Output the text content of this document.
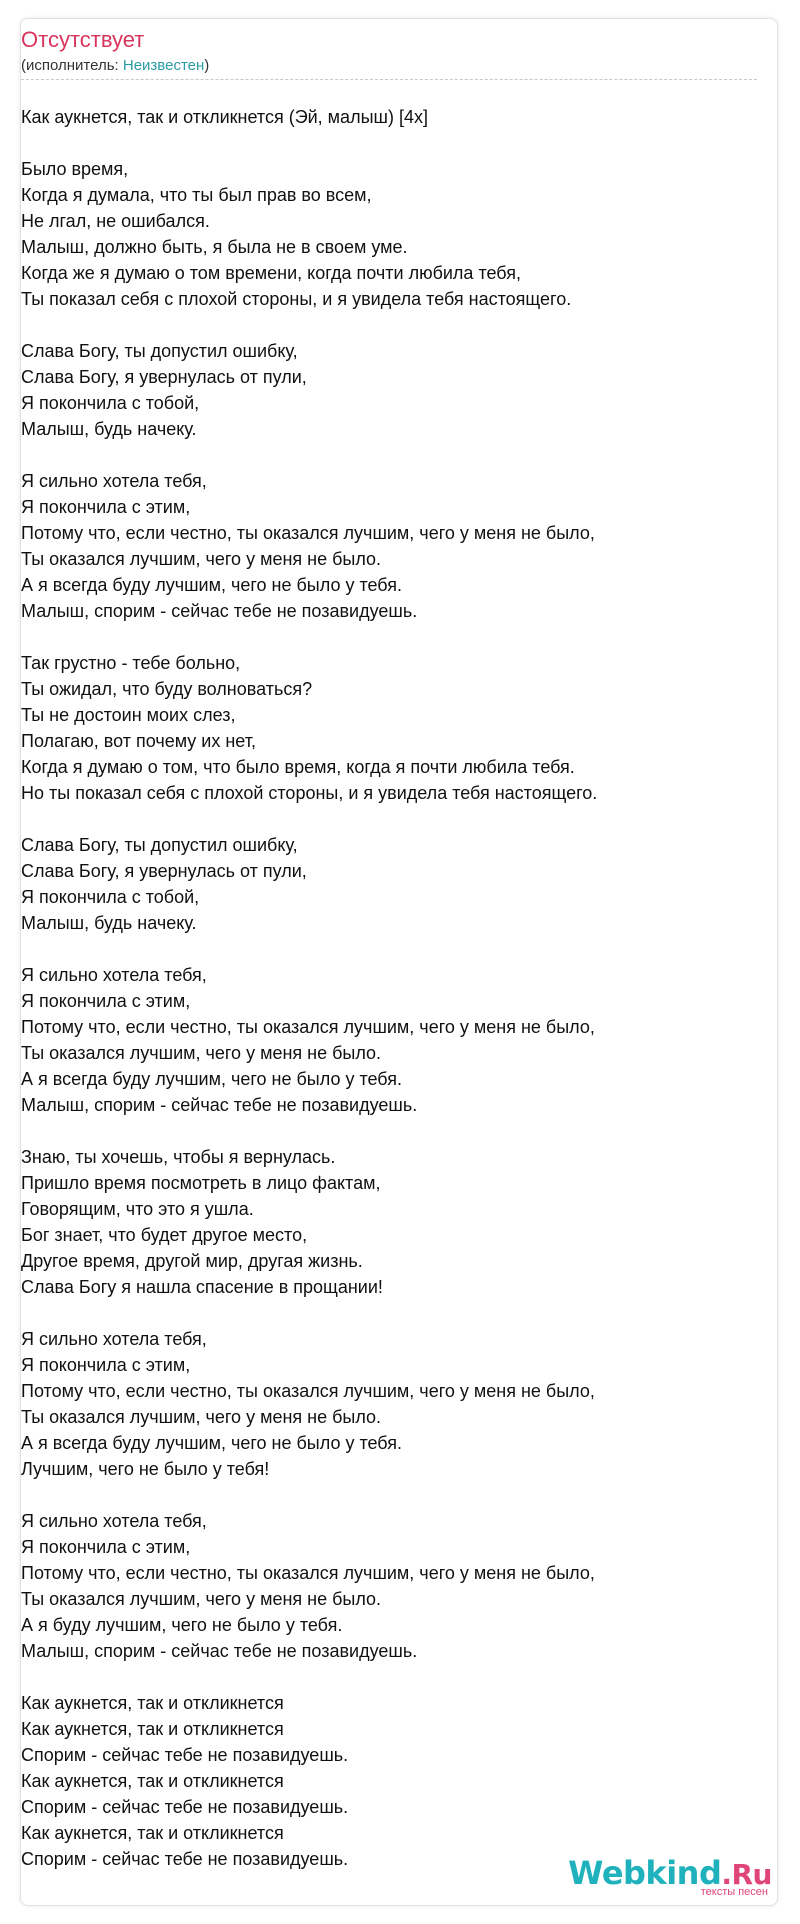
Отсутствует
(исполнитель: Неизвестен)
Как аукнется, так и откликнется (Эй, малыш) [4x]
Было время,
Когда я думала, что ты был прав во всем,
Не лгал, не ошибался.
Малыш, должно быть, я была не в своем уме.
Когда же я думаю о том времени, когда почти любила тебя,
Ты показал себя с плохой стороны, и я увидела тебя настоящего.
Слава Богу, ты допустил ошибку,
Слава Богу, я увернулась от пули,
Я покончила с тобой,
Малыш, будь начеку.
Я сильно хотела тебя,
Я покончила с этим,
Потому что, если честно, ты оказался лучшим, чего у меня не было,
Ты оказался лучшим, чего у меня не было.
А я всегда буду лучшим, чего не было у тебя.
Малыш, спорим - сейчас тебе не позавидуешь.
Так грустно - тебе больно,
Ты ожидал, что буду волноваться?
Ты не достоин моих слез,
Полагаю, вот почему их нет,
Когда я думаю о том, что было время, когда я почти любила тебя.
Но ты показал себя с плохой стороны, и я увидела тебя настоящего.
Слава Богу, ты допустил ошибку,
Слава Богу, я увернулась от пули,
Я покончила с тобой,
Малыш, будь начеку.
Я сильно хотела тебя,
Я покончила с этим,
Потому что, если честно, ты оказался лучшим, чего у меня не было,
Ты оказался лучшим, чего у меня не было.
А я всегда буду лучшим, чего не было у тебя.
Малыш, спорим - сейчас тебе не позавидуешь.
Знаю, ты хочешь, чтобы я вернулась.
Пришло время посмотреть в лицо фактам,
Говорящим, что это я ушла.
Бог знает, что будет другое место,
Другое время, другой мир, другая жизнь.
Слава Богу я нашла спасение в прощании!
Я сильно хотела тебя,
Я покончила с этим,
Потому что, если честно, ты оказался лучшим, чего у меня не было,
Ты оказался лучшим, чего у меня не было.
А я всегда буду лучшим, чего не было у тебя.
Лучшим, чего не было у тебя!
Я сильно хотела тебя,
Я покончила с этим,
Потому что, если честно, ты оказался лучшим, чего у меня не было,
Ты оказался лучшим, чего у меня не было.
А я буду лучшим, чего не было у тебя.
Малыш, спорим - сейчас тебе не позавидуешь.
Как аукнется, так и откликнется
Как аукнется, так и откликнется
Спорим - сейчас тебе не позавидуешь.
Как аукнется, так и откликнется
Спорим - сейчас тебе не позавидуешь.
Как аукнется, так и откликнется
Спорим - сейчас тебе не позавидуешь.	Webkind.Ru
тексты песен
